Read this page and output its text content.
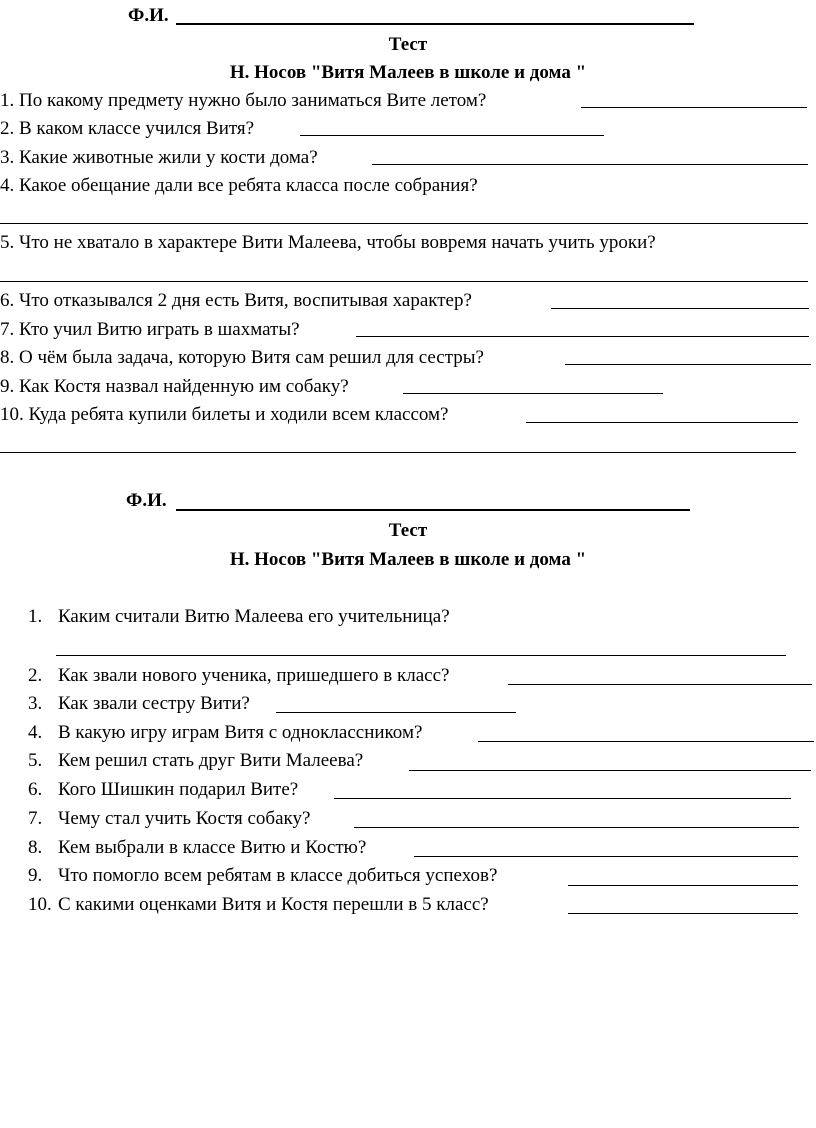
Ф.И.
Тест
Н. Носов "Витя Малеев в школе и дома "
1. По какому предмету нужно было заниматься Вите летом?
2. В каком классе учился Витя?
3. Какие животные жили у кости дома?
4. Какое обещание дали все ребята класса после собрания?
5. Что не хватало в характере Вити Малеева, чтобы вовремя начать учить уроки?
6. Что отказывался 2 дня есть Витя, воспитывая характер?
7. Кто учил Витю играть в шахматы?
8. О чём была задача, которую Витя сам решил для сестры?
9. Как Костя назвал найденную им собаку?
10. Куда ребята купили билеты и ходили всем классом?
Ф.И.
Тест
Н. Носов "Витя Малеев в школе и дома "
1. Каким считали Витю Малеева его учительница?
2. Как звали нового ученика, пришедшего в класс?
3. Как звали сестру Вити?
4. В какую игру играм Витя с одноклассником?
5. Кем решил стать друг Вити Малеева?
6. Кого Шишкин подарил Вите?
7. Чему стал учить Костя собаку?
8. Кем выбрали в классе Витю и Костю?
9. Что помогло всем ребятам в классе добиться успехов?
10. С какими оценками Витя и Костя перешли в 5 класс?
